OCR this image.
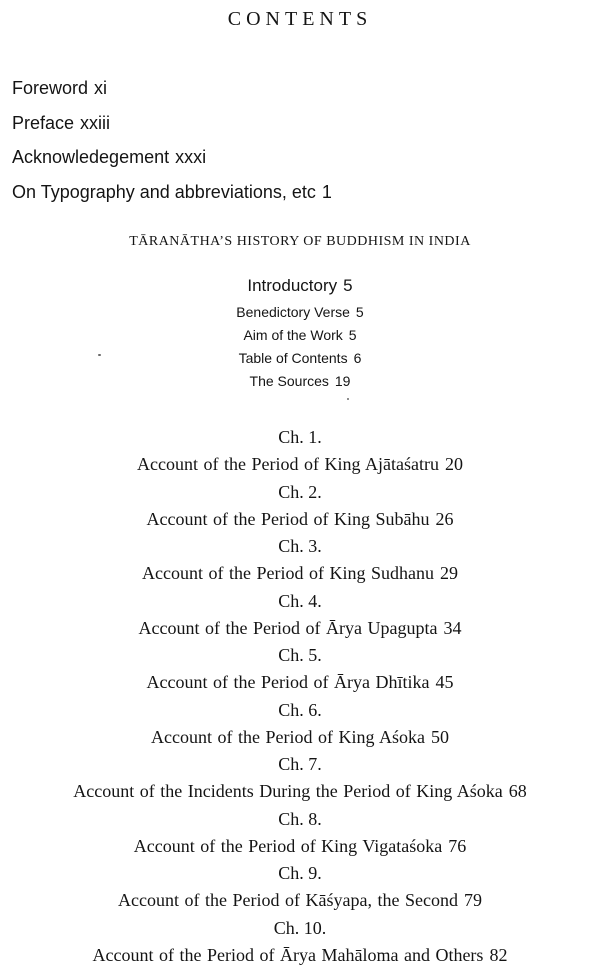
CONTENTS
Foreword xi
Preface xxiii
Acknowledegement xxxi
On Typography and abbreviations, etc 1
TĀRANĀTHA’S HISTORY OF BUDDHISM IN INDIA
Introductory 5
Benedictory Verse 5
Aim of the Work 5
Table of Contents 6
The Sources 19
Ch. 1.
Account of the Period of King Ajātaśatru 20
Ch. 2.
Account of the Period of King Subāhu 26
Ch. 3.
Account of the Period of King Sudhanu 29
Ch. 4.
Account of the Period of Ārya Upagupta 34
Ch. 5.
Account of the Period of Ārya Dhītika 45
Ch. 6.
Account of the Period of King Aśoka 50
Ch. 7.
Account of the Incidents During the Period of King Aśoka 68
Ch. 8.
Account of the Period of King Vigataśoka 76
Ch. 9.
Account of the Period of Kāśyapa, the Second 79
Ch. 10.
Account of the Period of Ārya Mahāloma and Others 82
